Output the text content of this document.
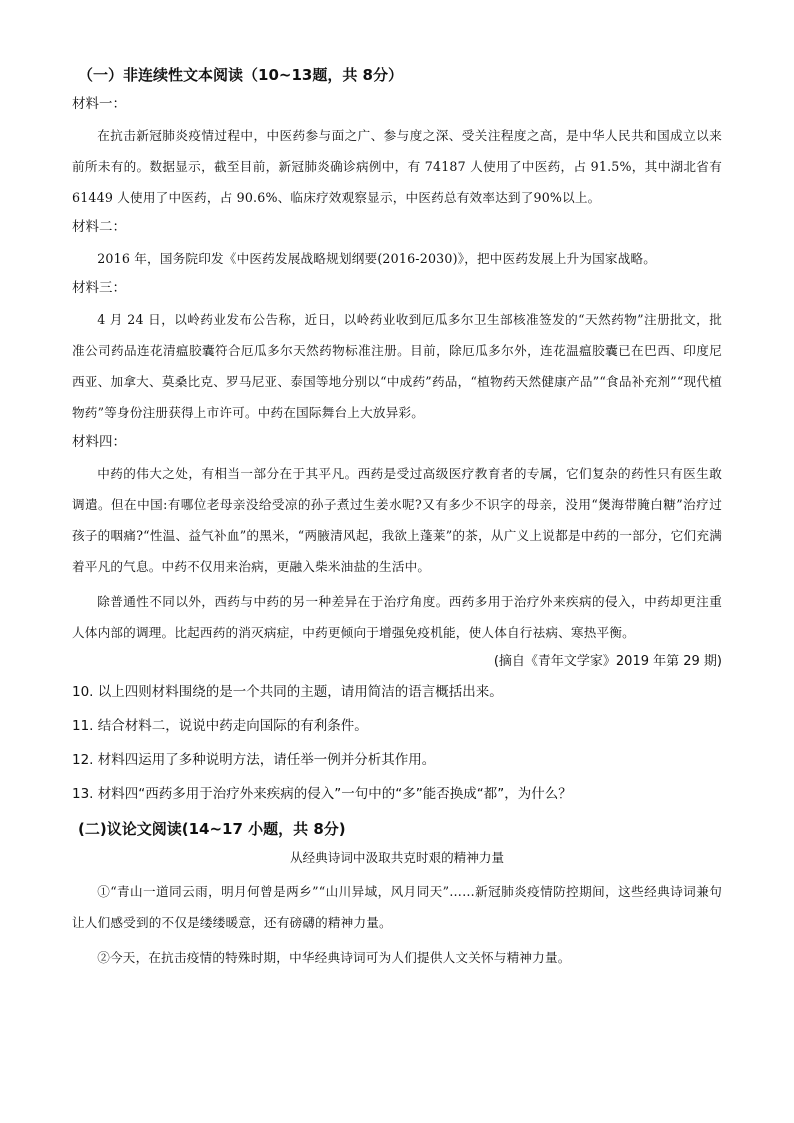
（一）非连续性文本阅读（10~13题，共 8分）
材料一：
在抗击新冠肺炎疫情过程中，中医药参与面之广、参与度之深、受关注程度之高，是中华人民共和国成立以来前所未有的。数据显示，截至目前，新冠肺炎确诊病例中，有 74187 人使用了中医药，占 91.5%，其中湖北省有 61449 人使用了中医药，占 90.6%、临床疗效观察显示，中医药总有效率达到了90%以上。
材料二：
2016 年，国务院印发《中医药发展战略规划纲要(2016-2030)》，把中医药发展上升为国家战略。
材料三：
4 月 24 日，以岭药业发布公告称，近日，以岭药业收到厄瓜多尔卫生部核准签发的“天然药物”注册批文，批准公司药品连花清瘟胶囊符合厄瓜多尔天然药物标准注册。目前，除厄瓜多尔外，连花温瘟胶囊已在巴西、印度尼西亚、加拿大、莫桑比克、罗马尼亚、泰国等地分别以“中成药”药品，“植物药天然健康产品”“食品补充剂”“现代植物药”等身份注册获得上市许可。中药在国际舞台上大放异彩。
材料四：
中药的伟大之处，有相当一部分在于其平凡。西药是受过高级医疗教育者的专属，它们复杂的药性只有医生敢调遣。但在中国:有哪位老母亲没给受凉的孙子煮过生姜水呢?又有多少不识字的母亲，没用“煲海带腌白糖”治疗过孩子的咽痛?“性温、益气补血”的黑米，“两腋清风起，我欲上蓬莱”的茶，从广义上说都是中药的一部分，它们充满着平凡的气息。中药不仅用来治病，更融入柴米油盐的生活中。
除普通性不同以外，西药与中药的另一种差异在于治疗角度。西药多用于治疗外来疾病的侵入，中药却更注重人体内部的调理。比起西药的消灭病症，中药更倾向于增强免疫机能，使人体自行祛病、寒热平衡。
(摘自《青年文学家》2019 年第 29 期)
10. 以上四则材料围绕的是一个共同的主题，请用简洁的语言概括出来。
11. 结合材料二，说说中药走向国际的有利条件。
12. 材料四运用了多种说明方法，请任举一例并分析其作用。
13. 材料四“西药多用于治疗外来疾病的侵入”一句中的“多”能否换成“都”，为什么？
(二)议论文阅读(14~17 小题，共 8分)
从经典诗词中汲取共克时艰的精神力量
①“青山一道同云雨，明月何曾是两乡”“山川异域，风月同天”……新冠肺炎疫情防控期间，这些经典诗词兼句让人们感受到的不仅是缕缕暖意，还有磅礴的精神力量。
②今天，在抗击疫情的特殊时期，中华经典诗词可为人们提供人文关怀与精神力量。
